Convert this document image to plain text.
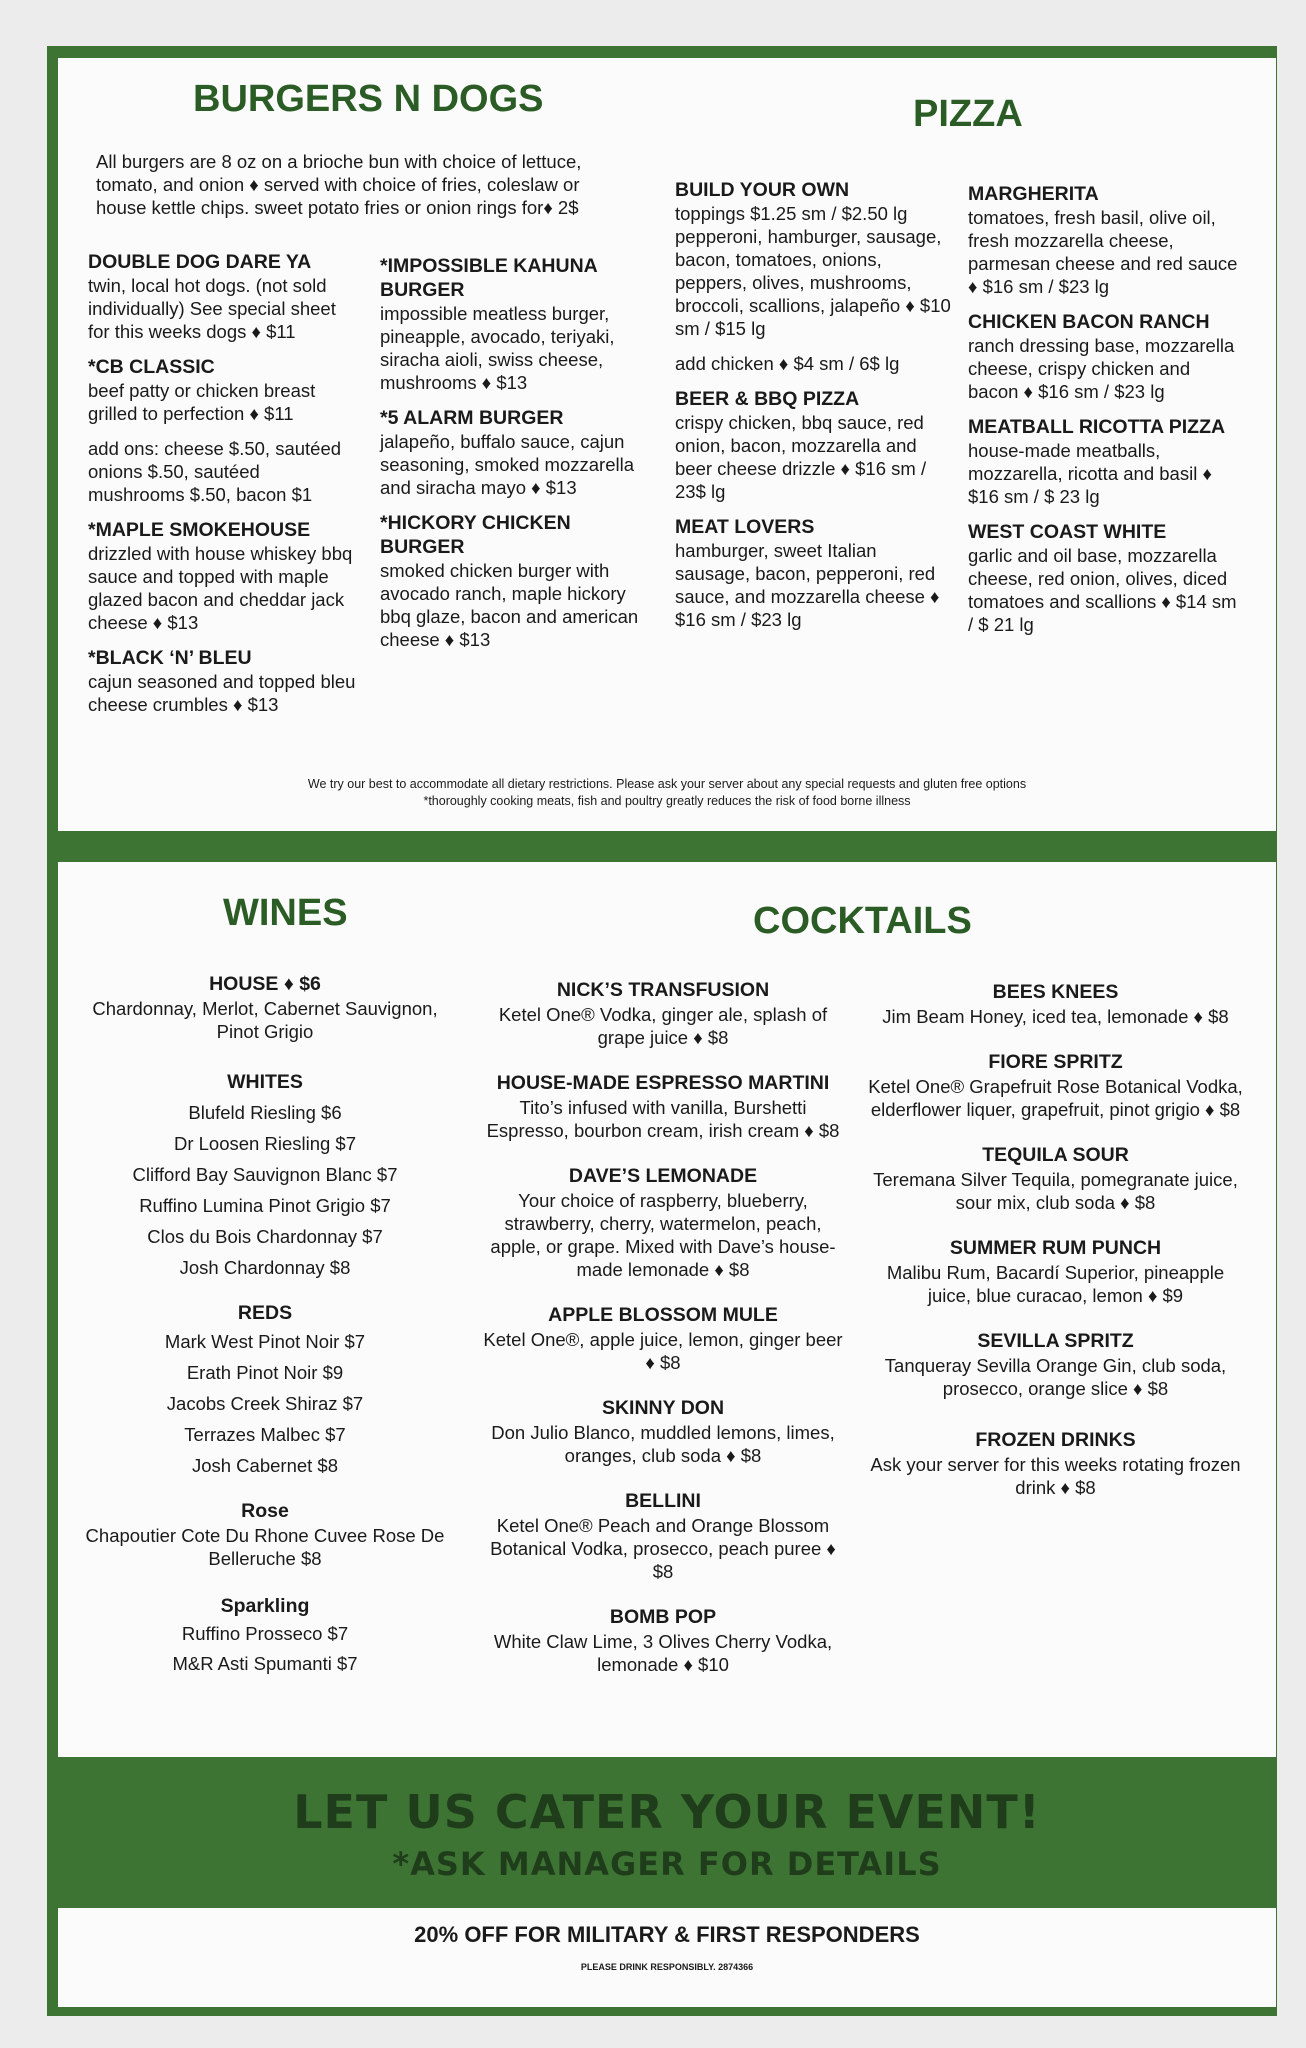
BURGERS N DOGS
All burgers are 8 oz on a brioche bun with choice of lettuce, tomato, and onion ♦ served with choice of fries, coleslaw or house kettle chips. sweet potato fries or onion rings for♦ 2$
DOUBLE DOG DARE YA
twin, local hot dogs. (not sold individually) See special sheet for this weeks dogs ♦ $11
*CB CLASSIC
beef patty or chicken breast grilled to perfection ♦ $11
add ons: cheese $.50, sautéed onions $.50, sautéed mushrooms $.50, bacon $1
*MAPLE SMOKEHOUSE
drizzled with house whiskey bbq sauce and topped with maple glazed bacon and cheddar jack cheese ♦ $13
*BLACK ‘N’ BLEU
cajun seasoned and topped bleu cheese crumbles ♦ $13
*IMPOSSIBLE KAHUNA BURGER
impossible meatless burger, pineapple, avocado, teriyaki, siracha aioli, swiss cheese, mushrooms ♦ $13
*5 ALARM BURGER
jalapeño, buffalo sauce, cajun seasoning, smoked mozzarella and siracha mayo ♦ $13
*HICKORY CHICKEN BURGER
smoked chicken burger with avocado ranch, maple hickory bbq glaze, bacon and american cheese ♦ $13
PIZZA
BUILD YOUR OWN
toppings $1.25 sm / $2.50 lg pepperoni, hamburger, sausage, bacon, tomatoes, onions, peppers, olives, mushrooms, broccoli, scallions, jalapeño ♦ $10 sm / $15 lg
add chicken ♦ $4 sm / 6$ lg
BEER & BBQ PIZZA
crispy chicken, bbq sauce, red onion, bacon, mozzarella and beer cheese drizzle ♦ $16 sm / 23$ lg
MEAT LOVERS
hamburger, sweet Italian sausage, bacon, pepperoni, red sauce, and mozzarella cheese ♦ $16 sm / $23 lg
MARGHERITA
tomatoes, fresh basil, olive oil, fresh mozzarella cheese, parmesan cheese and red sauce ♦ $16 sm / $23 lg
CHICKEN BACON RANCH
ranch dressing base, mozzarella cheese, crispy chicken and bacon ♦ $16 sm / $23 lg
MEATBALL RICOTTA PIZZA
house-made meatballs, mozzarella, ricotta and basil ♦ $16 sm / $ 23 lg
WEST COAST WHITE
garlic and oil base, mozzarella cheese, red onion, olives, diced tomatoes and scallions ♦ $14 sm / $ 21 lg
We try our best to accommodate all dietary restrictions. Please ask your server about any special requests and gluten free options
*thoroughly cooking meats, fish and poultry greatly reduces the risk of food borne illness
WINES	COCKTAILS
HOUSE ♦ $6
Chardonnay, Merlot, Cabernet Sauvignon, Pinot Grigio
WHITES
Blufeld Riesling $6
Dr Loosen Riesling $7
Clifford Bay Sauvignon Blanc $7
Ruffino Lumina Pinot Grigio $7
Clos du Bois Chardonnay $7
Josh Chardonnay $8
REDS
Mark West Pinot Noir $7
Erath Pinot Noir $9
Jacobs Creek Shiraz $7
Terrazes Malbec $7
Josh Cabernet $8
Rose
Chapoutier Cote Du Rhone Cuvee Rose De Belleruche $8
Sparkling
Ruffino Prosseco $7
M&R Asti Spumanti $7
NICK’S TRANSFUSION
Ketel One® Vodka, ginger ale, splash of grape juice ♦ $8
HOUSE-MADE ESPRESSO MARTINI
Tito’s infused with vanilla, Burshetti Espresso, bourbon cream, irish cream ♦ $8
DAVE’S LEMONADE
Your choice of raspberry, blueberry, strawberry, cherry, watermelon, peach, apple, or grape. Mixed with Dave’s house-made lemonade ♦ $8
APPLE BLOSSOM MULE
Ketel One®, apple juice, lemon, ginger beer ♦ $8
SKINNY DON
Don Julio Blanco, muddled lemons, limes, oranges, club soda ♦ $8
BELLINI
Ketel One® Peach and Orange Blossom Botanical Vodka, prosecco, peach puree ♦ $8
BOMB POP
White Claw Lime, 3 Olives Cherry Vodka, lemonade ♦ $10
BEES KNEES
Jim Beam Honey, iced tea, lemonade ♦ $8
FIORE SPRITZ
Ketel One® Grapefruit Rose Botanical Vodka, elderflower liquer, grapefruit, pinot grigio ♦ $8
TEQUILA SOUR
Teremana Silver Tequila, pomegranate juice, sour mix, club soda ♦ $8
SUMMER RUM PUNCH
Malibu Rum, Bacardí Superior, pineapple juice, blue curacao, lemon ♦ $9
SEVILLA SPRITZ
Tanqueray Sevilla Orange Gin, club soda, prosecco, orange slice ♦ $8
FROZEN DRINKS
Ask your server for this weeks rotating frozen drink ♦ $8
LET US CATER YOUR EVENT!
*ASK MANAGER FOR DETAILS
20% OFF FOR MILITARY & FIRST RESPONDERS
PLEASE DRINK RESPONSIBLY. 2874366
